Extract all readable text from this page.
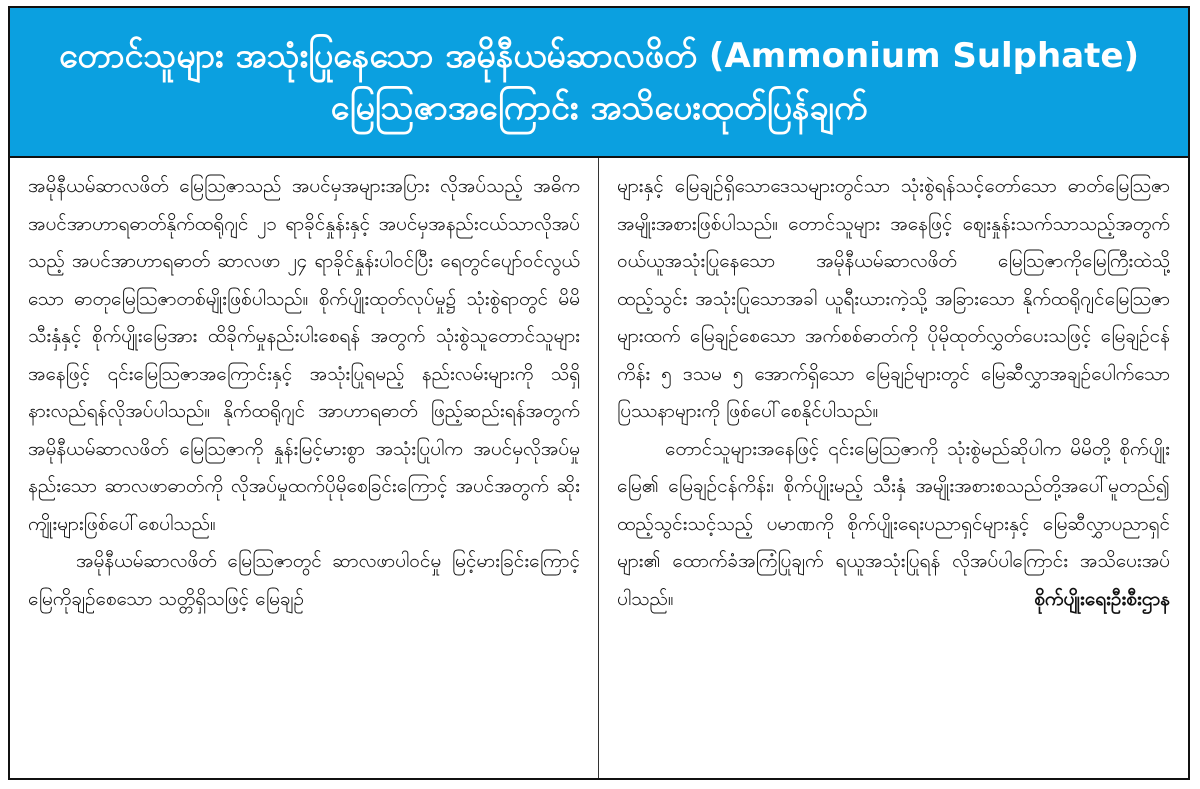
တောင်သူများ အသုံးပြုနေသော အမိုနီယမ်ဆာလဖိတ် (Ammonium Sulphate)
မြေသြဇာအကြောင်း အသိပေးထုတ်ပြန်ချက်

အမိုနီယမ်ဆာလဖိတ် မြေသြဇာသည် အပင်မှအများအပြား လိုအပ်သည့် အဓိက အပင်အာဟာရဓာတ်နိုက်ထရိုဂျင် ၂၁ ရာခိုင်နှုန်းနှင့် အပင်မှအနည်းငယ်သာလိုအပ်သည့် အပင်အာဟာရဓာတ် ဆာလဖာ ၂၄ ရာခိုင်နှုန်းပါဝင်ပြီး ရေတွင်ပျော်ဝင်လွယ်သော ဓာတုမြေသြဇာတစ်မျိုးဖြစ်ပါသည်။ စိုက်ပျိုးထုတ်လုပ်မှု၌ သုံးစွဲရာတွင် မိမိသီးနှံနှင့် စိုက်ပျိုးမြေအား ထိခိုက်မှုနည်းပါးစေရန် အတွက် သုံးစွဲသူတောင်သူများအနေဖြင့် ၎င်းမြေသြဇာအကြောင်းနှင့် အသုံးပြုရမည့် နည်းလမ်းများကို သိရှိ နားလည်ရန်လိုအပ်ပါသည်။ နိုက်ထရိုဂျင် အာဟာရဓာတ် ဖြည့်ဆည်းရန်အတွက် အမိုနီယမ်ဆာလဖိတ် မြေသြဇာကို နှုန်းမြင့်မားစွာ အသုံးပြုပါက အပင်မှလိုအပ်မှုနည်းသော ဆာလဖာဓာတ်ကို လိုအပ်မှုထက်ပိုမိုစေခြင်းကြောင့် အပင်အတွက် ဆိုးကျိုးများဖြစ်ပေါ်စေပါသည်။

အမိုနီယမ်ဆာလဖိတ် မြေသြဇာတွင် ဆာလဖာပါဝင်မှု မြင့်မားခြင်းကြောင့် မြေကိုချဉ်စေသော သတ္တိရှိသဖြင့် မြေချဉ်

များနှင့် မြေချဉ်ရှိသောဒေသများတွင်သာ သုံးစွဲရန်သင့်တော်သော ဓာတ်မြေသြဇာ အမျိုးအစားဖြစ်ပါသည်။ တောင်သူများ အနေဖြင့် ဈေးနှုန်းသက်သာသည့်အတွက် ဝယ်ယူအသုံးပြုနေသော အမိုနီယမ်ဆာလဖိတ် မြေသြဇာကိုမြေကြီးထဲသို့ ထည့်သွင်း အသုံးပြုသောအခါ ယူရီးယားကဲ့သို့ အခြားသော နိုက်ထရိုဂျင်မြေသြဇာများထက် မြေချဉ်စေသော အက်စစ်ဓာတ်ကို ပိုမိုထုတ်လွှတ်ပေးသဖြင့် မြေချဉ်ငန်ကိန်း ၅ ဒသမ ၅ အောက်ရှိသော မြေချဉ်များတွင် မြေဆီလွှာအချဉ်ပေါက်သော ပြဿနာများကို ဖြစ်ပေါ်စေနိုင်ပါသည်။

တောင်သူများအနေဖြင့် ၎င်းမြေသြဇာကို သုံးစွဲမည်ဆိုပါက မိမိတို့ စိုက်ပျိုးမြေ၏ မြေချဉ်ငန်ကိန်း၊ စိုက်ပျိုးမည့် သီးနှံ အမျိုးအစားစသည်တို့အပေါ်မူတည်၍ ထည့်သွင်းသင့်သည့် ပမာဏကို စိုက်ပျိုးရေးပညာရှင်များနှင့် မြေဆီလွှာပညာရှင်များ၏ ထောက်ခံအကြံပြုချက် ရယူအသုံးပြုရန် လိုအပ်ပါကြောင်း အသိပေးအပ်ပါသည်။	စိုက်ပျိုးရေးဦးစီးဌာန
